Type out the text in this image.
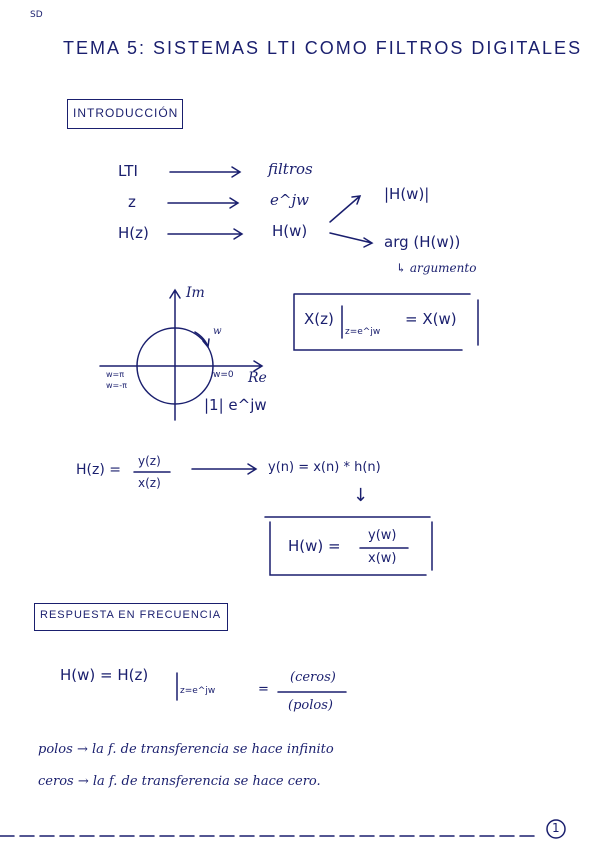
SD
TEMA 5: SISTEMAS LTI COMO FILTROS DIGITALES
INTRODUCCIÓN
LTI	filtros
z	e^jw
H(z)	H(w)
|H(w)|
arg (H(w))
↳ argumento
Im
Re
w
w=π
w=-π
w=0
|1| e^jw
X(z)
z=e^jw
= X(w)
H(z) =
y(z)
x(z)
y(n) = x(n) * h(n)
↓
H(w) =
y(w)
x(w)
RESPUESTA EN FRECUENCIA
H(w) = H(z)
z=e^jw	=
(ceros)
(polos)
polos → la f. de transferencia se hace infinito
ceros → la f. de transferencia se hace cero.
1
